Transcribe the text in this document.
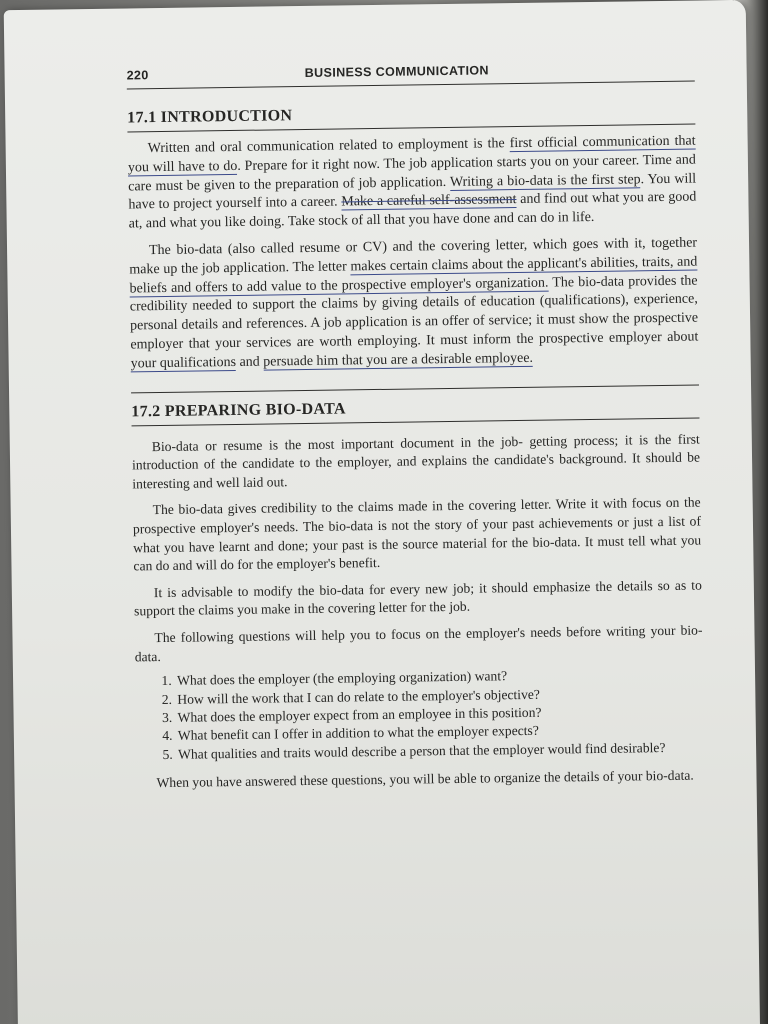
220	BUSINESS COMMUNICATION
17.1 INTRODUCTION

Written and oral communication related to employment is the first official communication that you will have to do. Prepare for it right now. The job application starts you on your career. Time and care must be given to the preparation of job application. Writing a bio-data is the first step. You will have to project yourself into a career. Make a careful self-assessment and find out what you are good at, and what you like doing. Take stock of all that you have done and can do in life.

The bio-data (also called resume or CV) and the covering letter, which goes with it, together make up the job application. The letter makes certain claims about the applicant's abilities, traits, and beliefs and offers to add value to the prospective employer's organization. The bio-data provides the credibility needed to support the claims by giving details of education (qualifications), experience, personal details and references. A job application is an offer of service; it must show the prospective employer that your services are worth employing. It must inform the prospective employer about your qualifications and persuade him that you are a desirable employee.

17.2 PREPARING BIO-DATA

Bio-data or resume is the most important document in the job- getting process; it is the first introduction of the candidate to the employer, and explains the candidate's background. It should be interesting and well laid out.

The bio-data gives credibility to the claims made in the covering letter. Write it with focus on the prospective employer's needs. The bio-data is not the story of your past achievements or just a list of what you have learnt and done; your past is the source material for the bio-data. It must tell what you can do and will do for the employer's benefit.

It is advisable to modify the bio-data for every new job; it should emphasize the details so as to support the claims you make in the covering letter for the job.

The following questions will help you to focus on the employer's needs before writing your bio-data.

1. What does the employer (the employing organization) want?
2. How will the work that I can do relate to the employer's objective?
3. What does the employer expect from an employee in this position?
4. What benefit can I offer in addition to what the employer expects?
5. What qualities and traits would describe a person that the employer would find desirable?

When you have answered these questions, you will be able to organize the details of your bio-data.
